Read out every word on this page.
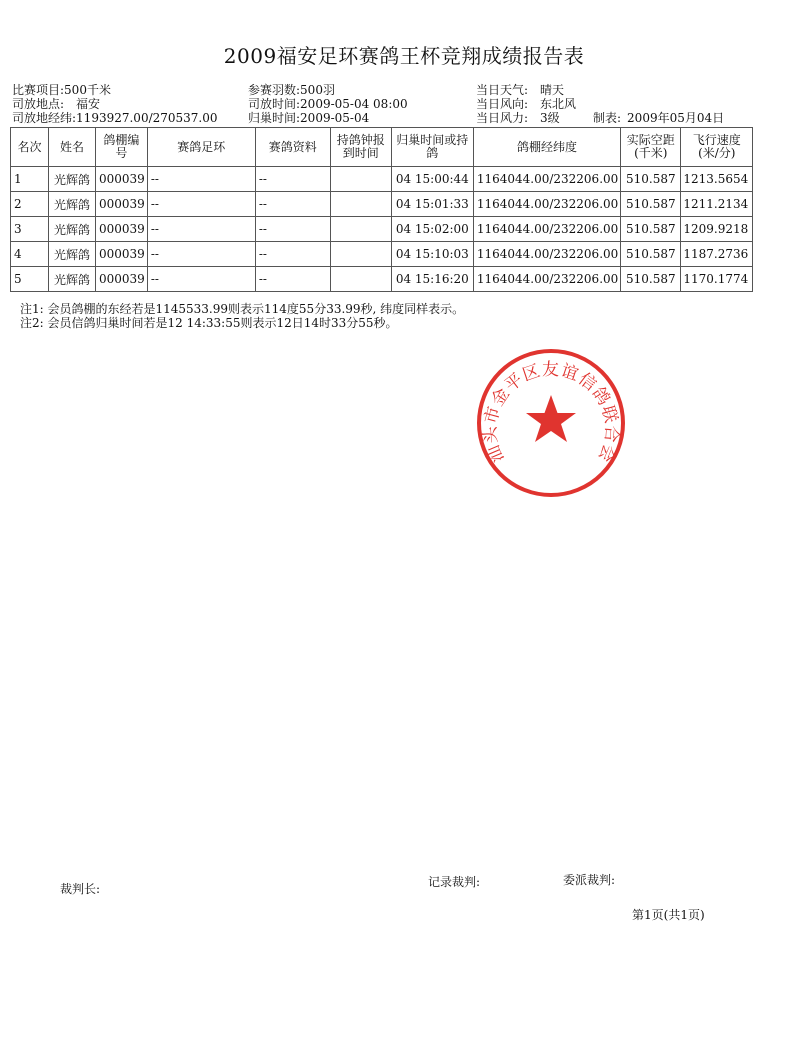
2009福安足环赛鸽王杯竞翔成绩报告表
比赛项目:500千米
司放地点: 福安
司放地经纬:1193927.00/270537.00
参赛羽数:500羽
司放时间:2009-05-04 08:00
归巢时间:2009-05-04
当日天气: 晴天
当日风向: 东北风
当日风力: 3级	制表: 2009年05月04日
名次	姓名	鸽棚编号	赛鸽足环	赛鸽资料	持鸽钟报到时间	归巢时间或持鸽	鸽棚经纬度	实际空距(千米)	飞行速度(米/分)
1	光辉鸽	000039	--	--		04 15:00:44	1164044.00/232206.00	510.587	1213.5654
2	光辉鸽	000039	--	--		04 15:01:33	1164044.00/232206.00	510.587	1211.2134
3	光辉鸽	000039	--	--		04 15:02:00	1164044.00/232206.00	510.587	1209.9218
4	光辉鸽	000039	--	--		04 15:10:03	1164044.00/232206.00	510.587	1187.2736
5	光辉鸽	000039	--	--		04 15:16:20	1164044.00/232206.00	510.587	1170.1774
注1: 会员鸽棚的东经若是1145533.99则表示114度55分33.99秒, 纬度同样表示。
注2: 会员信鸽归巢时间若是12 14:33:55则表示12日14时33分55秒。
汕头市金平区友谊信鸽联合会
裁判长:	记录裁判:	委派裁判:
第1页(共1页)
